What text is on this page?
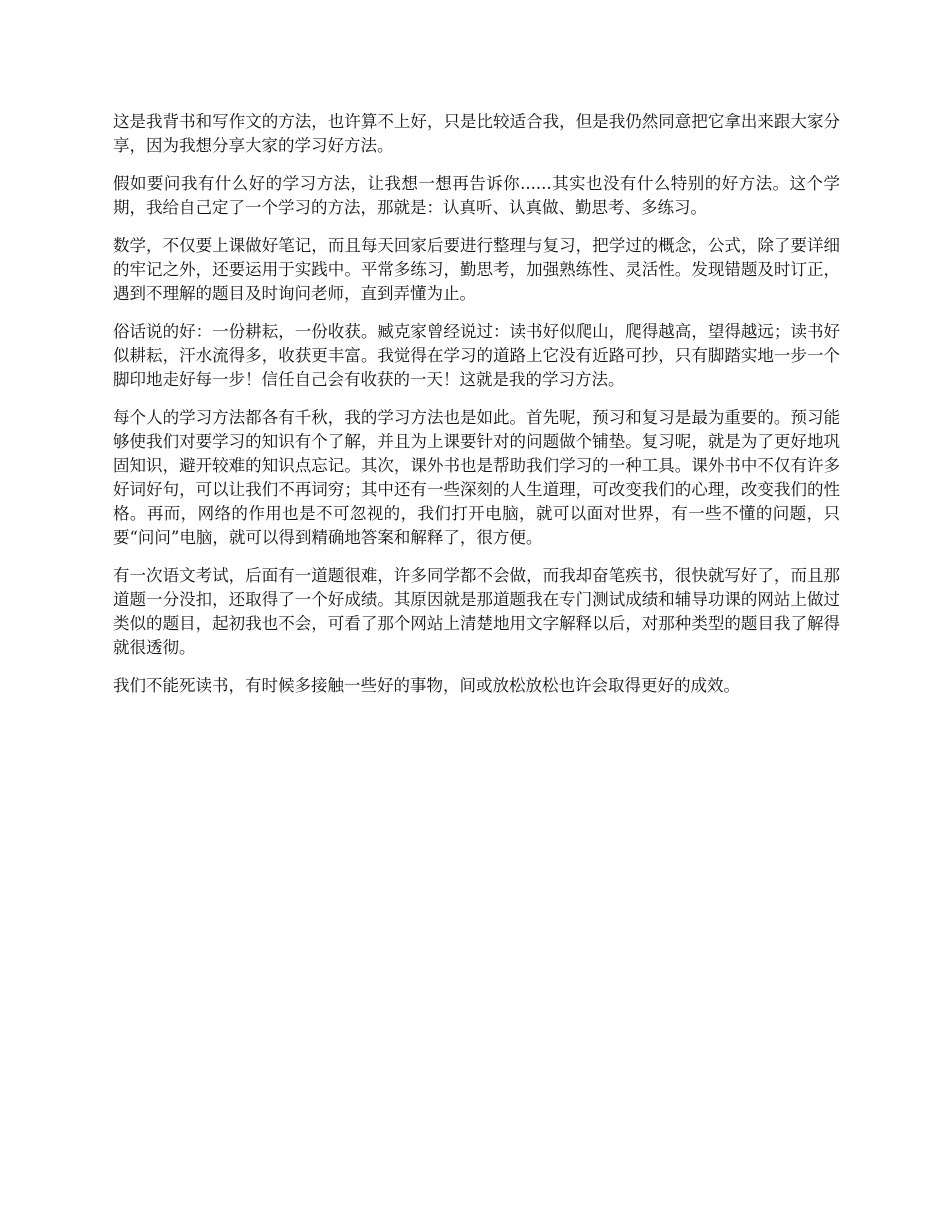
这是我背书和写作文的方法，也许算不上好，只是比较适合我，但是我仍然同意把它拿出来跟大家分享，因为我想分享大家的学习好方法。

假如要问我有什么好的学习方法，让我想一想再告诉你......其实也没有什么特别的好方法。这个学期，我给自己定了一个学习的方法，那就是：认真听、认真做、勤思考、多练习。

数学，不仅要上课做好笔记，而且每天回家后要进行整理与复习，把学过的概念，公式，除了要详细的牢记之外，还要运用于实践中。平常多练习，勤思考，加强熟练性、灵活性。发现错题及时订正，遇到不理解的题目及时询问老师，直到弄懂为止。

俗话说的好：一份耕耘，一份收获。臧克家曾经说过：读书好似爬山，爬得越高，望得越远；读书好似耕耘，汗水流得多，收获更丰富。我觉得在学习的道路上它没有近路可抄，只有脚踏实地一步一个脚印地走好每一步！信任自己会有收获的一天！这就是我的学习方法。

每个人的学习方法都各有千秋，我的学习方法也是如此。首先呢，预习和复习是最为重要的。预习能够使我们对要学习的知识有个了解，并且为上课要针对的问题做个铺垫。复习呢，就是为了更好地巩固知识，避开较难的知识点忘记。其次，课外书也是帮助我们学习的一种工具。课外书中不仅有许多好词好句，可以让我们不再词穷；其中还有一些深刻的人生道理，可改变我们的心理，改变我们的性格。再而，网络的作用也是不可忽视的，我们打开电脑，就可以面对世界，有一些不懂的问题，只要“问问”电脑，就可以得到精确地答案和解释了，很方便。

有一次语文考试，后面有一道题很难，许多同学都不会做，而我却奋笔疾书，很快就写好了，而且那道题一分没扣，还取得了一个好成绩。其原因就是那道题我在专门测试成绩和辅导功课的网站上做过类似的题目，起初我也不会，可看了那个网站上清楚地用文字解释以后，对那种类型的题目我了解得就很透彻。

我们不能死读书，有时候多接触一些好的事物，间或放松放松也许会取得更好的成效。
